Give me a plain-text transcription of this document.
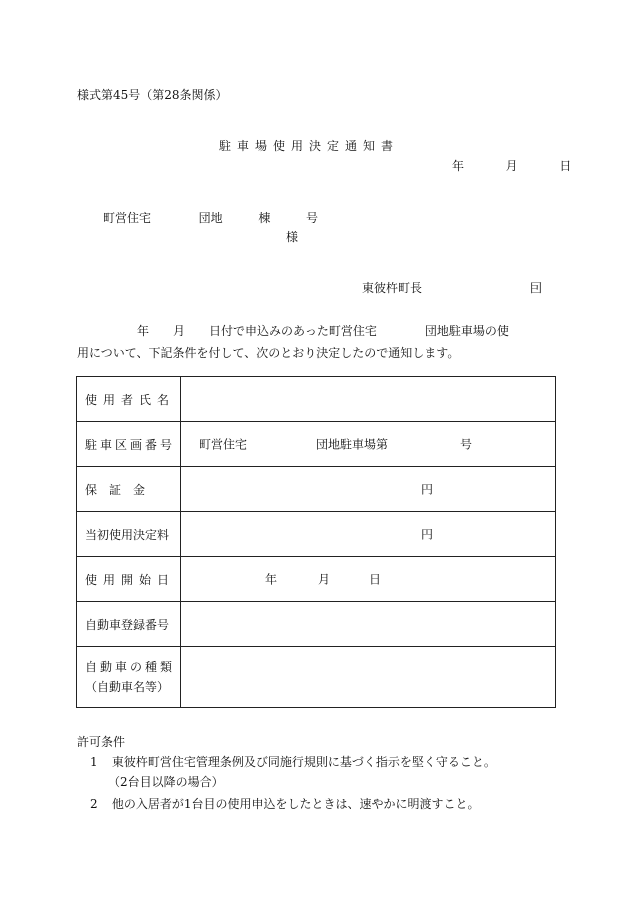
様式第45号（第28条関係）
駐車場使用決定通知書
年	月	日
町営住宅	団地	棟	号
様
東彼杵町長	囙
　　　　　年　　月　　日付で申込みのあった町営住宅　　　　団地駐車場の使
用について、下記条件を付して、次のとおり決定したので通知します。
使用者氏名	

駐車区画番号	町営住宅 団地駐車場第 号

保　証　金	円

当初使用決定料	円

使用開始日	年 月 日

自動車登録番号	

自動車の種類
（自動車名等）	

許可条件
1 東彼杵町営住宅管理条例及び同施行規則に基づく指示を堅く守ること。
（2台目以降の場合）
2 他の入居者が1台目の使用申込をしたときは、速やかに明渡すこと。
